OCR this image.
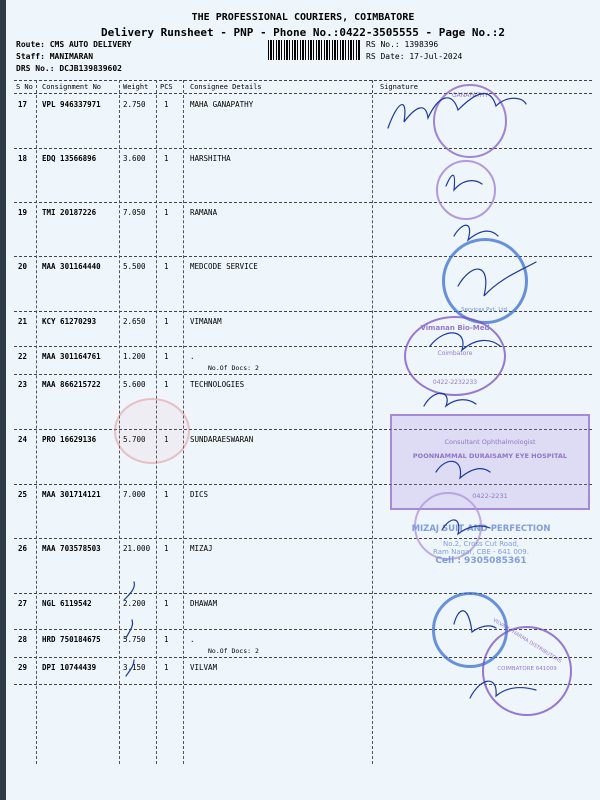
THE PROFESSIONAL COURIERS, COIMBATORE
Delivery Runsheet - PNP - Phone No.:0422-3505555 - Page No.:2
Route: CMS AUTO DELIVERY
Staff: MANIMARAN
DRS No.: DCJB139839602
RS No.: 1398396
RS Date: 17-Jul-2024
S No Consignment No	Weight PCS Consignee Details	Signature
17 VPL 946337971	2.750 1	MAHA GANAPATHY
18 EDQ 13566896	3.600 1	HARSHITHA
19 TMI 20187226	7.050 1	RAMANA
20 MAA 301164440	5.500 1	MEDCODE SERVICE
21 KCY 61270293	2.650 1	VIMANAM
22 MAA 301164761	1.200 1	.
No.Of Docs: 2
23 MAA 866215722	5.600 1	TECHNOLOGIES
24 PRO 16629136	5.700 1	SUNDARAESWARAN
25 MAA 301714121	7.000 1	DICS
26 MAA 703578503	21.000 1	MIZAJ
27 NGL 6119542	2.200 1	DHAWAM
28 HRD 750184675	5.750 1	.
No.Of Docs: 2
29 DPI 10744439	3.150 1	VILVAM
GANAPATHY
Services Pvt. Ltd.
Vimanan Bio-Med
Coimbatore
0422-2232233
Consultant Ophthalmologist
POONNAMMAL DURAISAMY EYE HOSPITAL
0422-2231
MIZAJ SUIT AND PERFECTION
No.2, Cross Cut Road,
Ram Nagar, CBE - 641 009.
Cell : 9305085361
VILVAM PHARMA DISTRIBUTORS
COIMBATORE 641009
